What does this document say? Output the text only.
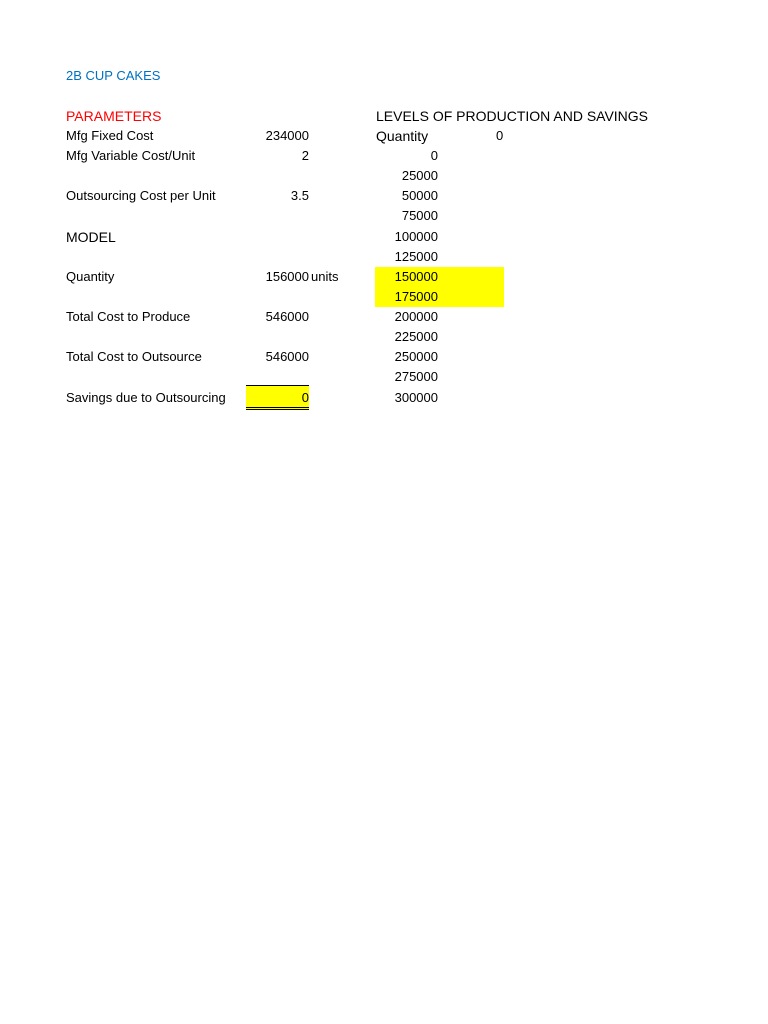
2B CUP CAKES
PARAMETERS
Mfg Fixed Cost	234000
Mfg Variable Cost/Unit	2
Outsourcing Cost per Unit	3.5
MODEL
Quantity	156000 units
Total Cost to Produce	546000
Total Cost to Outsource	546000
Savings due to Outsourcing	0
LEVELS OF PRODUCTION AND SAVINGS
Quantity	0
0
25000
50000
75000
100000
125000
150000
175000
200000
225000
250000
275000
300000
